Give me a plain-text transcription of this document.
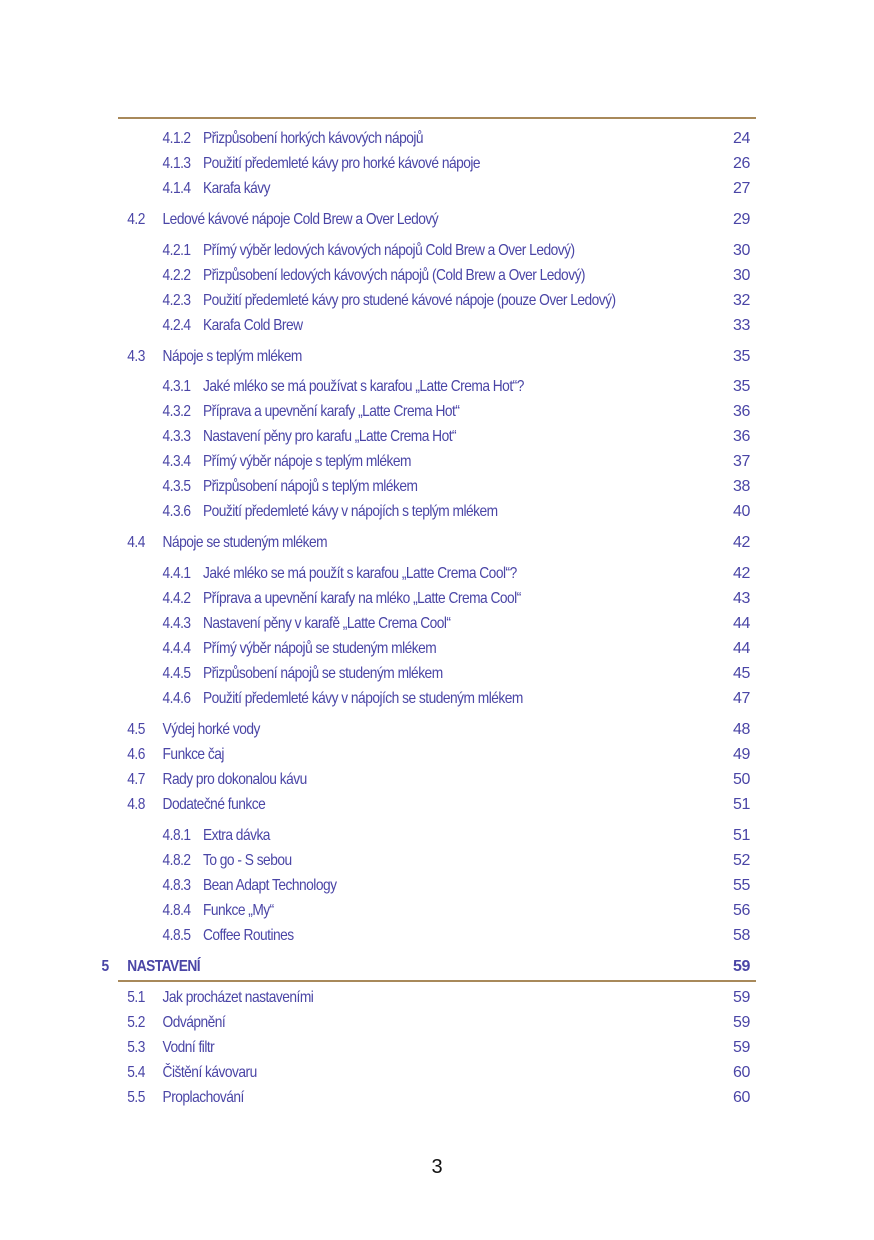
4.1.2 Přizpůsobení horkých kávových nápojů	24
4.1.3 Použití předemleté kávy pro horké kávové nápoje	26
4.1.4 Karafa kávy	27
4.2 Ledové kávové nápoje Cold Brew a Over Ledový	29
4.2.1 Přímý výběr ledových kávových nápojů Cold Brew a Over Ledový)	30
4.2.2 Přizpůsobení ledových kávových nápojů (Cold Brew a Over Ledový)	30
4.2.3 Použití předemleté kávy pro studené kávové nápoje (pouze Over Ledový)	32
4.2.4 Karafa Cold Brew	33
4.3 Nápoje s teplým mlékem	35
4.3.1 Jaké mléko se má používat s karafou „Latte Crema Hot“?	35
4.3.2 Příprava a upevnění karafy „Latte Crema Hot“	36
4.3.3 Nastavení pěny pro karafu „Latte Crema Hot“	36
4.3.4 Přímý výběr nápoje s teplým mlékem	37
4.3.5 Přizpůsobení nápojů s teplým mlékem	38
4.3.6 Použití předemleté kávy v nápojích s teplým mlékem	40
4.4 Nápoje se studeným mlékem	42
4.4.1 Jaké mléko se má použít s karafou „Latte Crema Cool“?	42
4.4.2 Příprava a upevnění karafy na mléko „Latte Crema Cool“	43
4.4.3 Nastavení pěny v karafě „Latte Crema Cool“	44
4.4.4 Přímý výběr nápojů se studeným mlékem	44
4.4.5 Přizpůsobení nápojů se studeným mlékem	45
4.4.6 Použití předemleté kávy v nápojích se studeným mlékem	47
4.5 Výdej horké vody	48
4.6 Funkce čaj	49
4.7 Rady pro dokonalou kávu	50
4.8 Dodatečné funkce	51
4.8.1 Extra dávka	51
4.8.2 To go - S sebou	52
4.8.3 Bean Adapt Technology	55
4.8.4 Funkce „My“	56
4.8.5 Coffee Routines	58
5 NASTAVENÍ	59
5.1 Jak procházet nastaveními	59
5.2 Odvápnění	59
5.3 Vodní filtr	59
5.4 Čištění kávovaru	60
5.5 Proplachování	60
3
